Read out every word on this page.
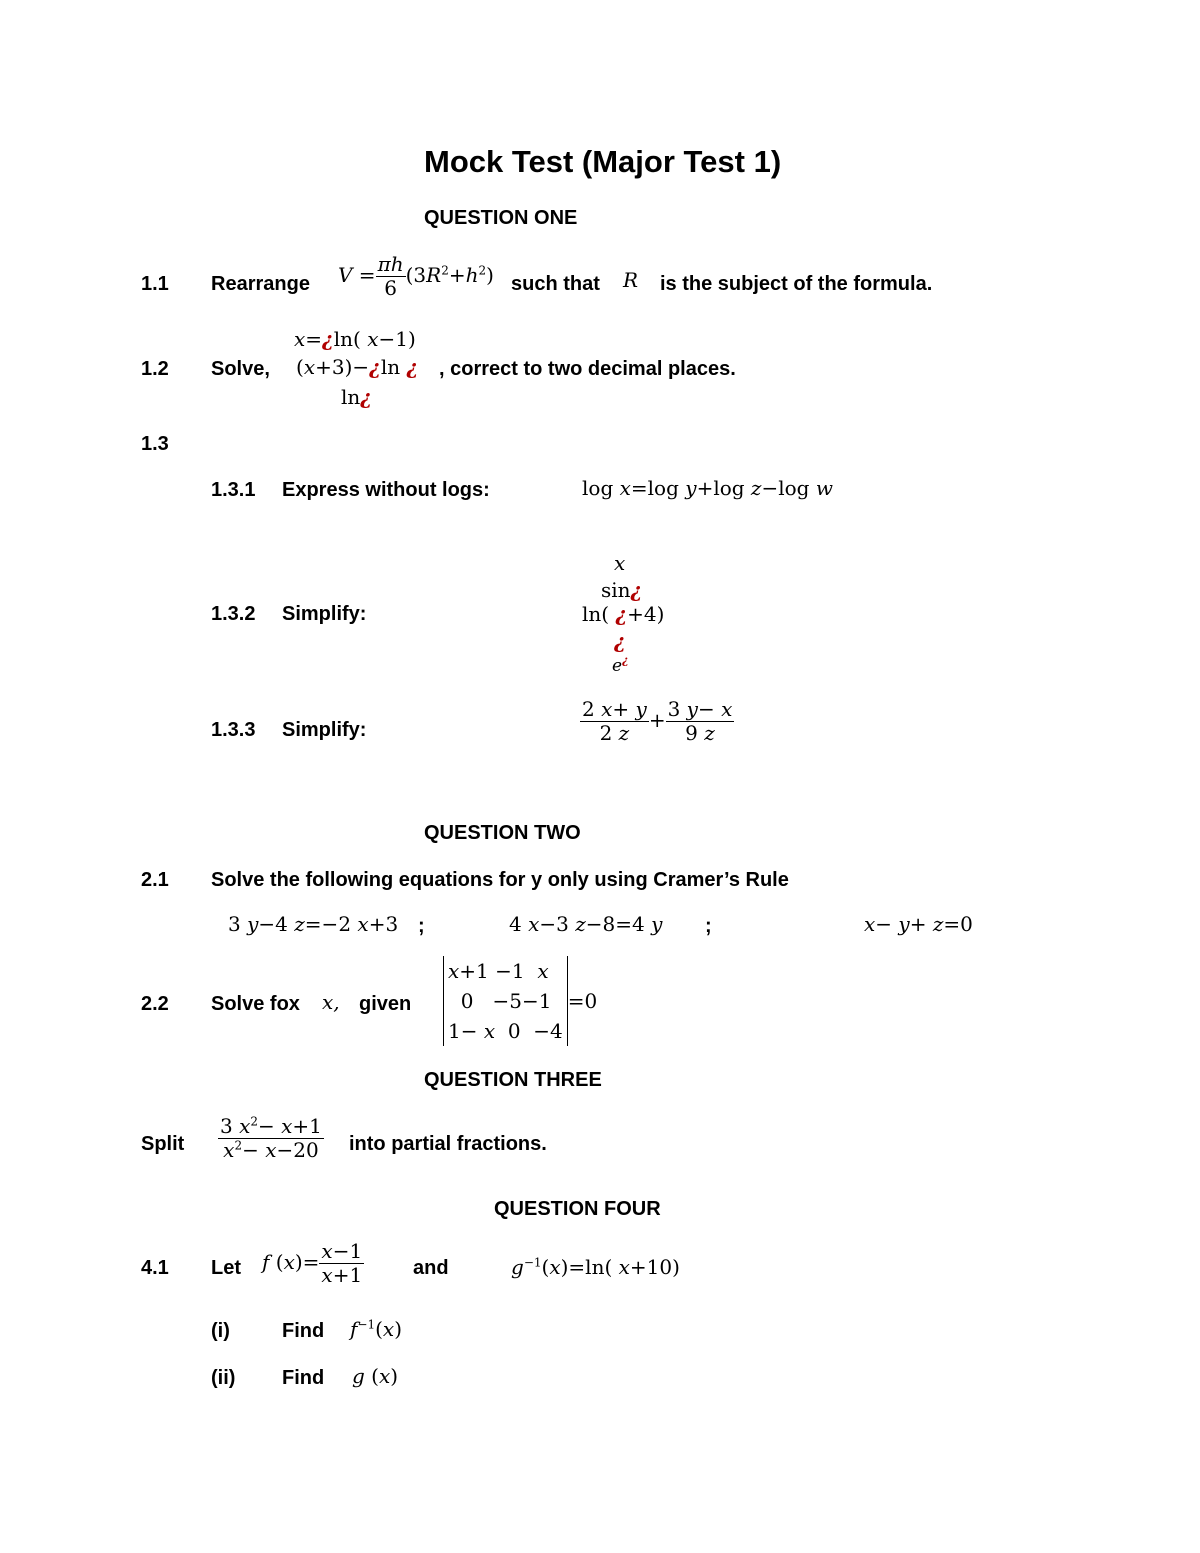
Mock Test (Major Test 1)
QUESTION ONE
1.1 Rearrange $V = \frac{\pi h}{6} (3R^2+h^2)$ such that R is the subject of the formula.
x=¿ln( x−1)
1.2 Solve, (x+3)−¿ln ¿ , correct to two decimal places.
ln¿
1.3
1.3.1 Express without logs:	log x=log y+log z−log w
x
sin¿
1.3.2 Simplify:	ln( ¿+4)
¿
e¿
1.3.3 Simplify:	$\frac{2 x+ y}{2 z} + \frac{3 y- x}{9 z}$
QUESTION TWO
2.1 Solve the following equations for y only using Cramer’s Rule
3 y−4 z=−2 x+3 ;	4 x−3 z−8=4 y ;	x− y+ z=0
2.2 Solve fox x, given
x+1 −1  x
0   −5−1
1− x  0  −4
=0
QUESTION THREE
Split $\frac{3 x^2- x+1}{x^2- x-20}$ into partial fractions.
QUESTION FOUR
4.1 Let f $(x)= \frac{x-1}{x+1}$ and	$g^{-1}(x)=\ln$( x+10)
(i)	Find $f^{-1}(x)$
(ii) Find g (x)
